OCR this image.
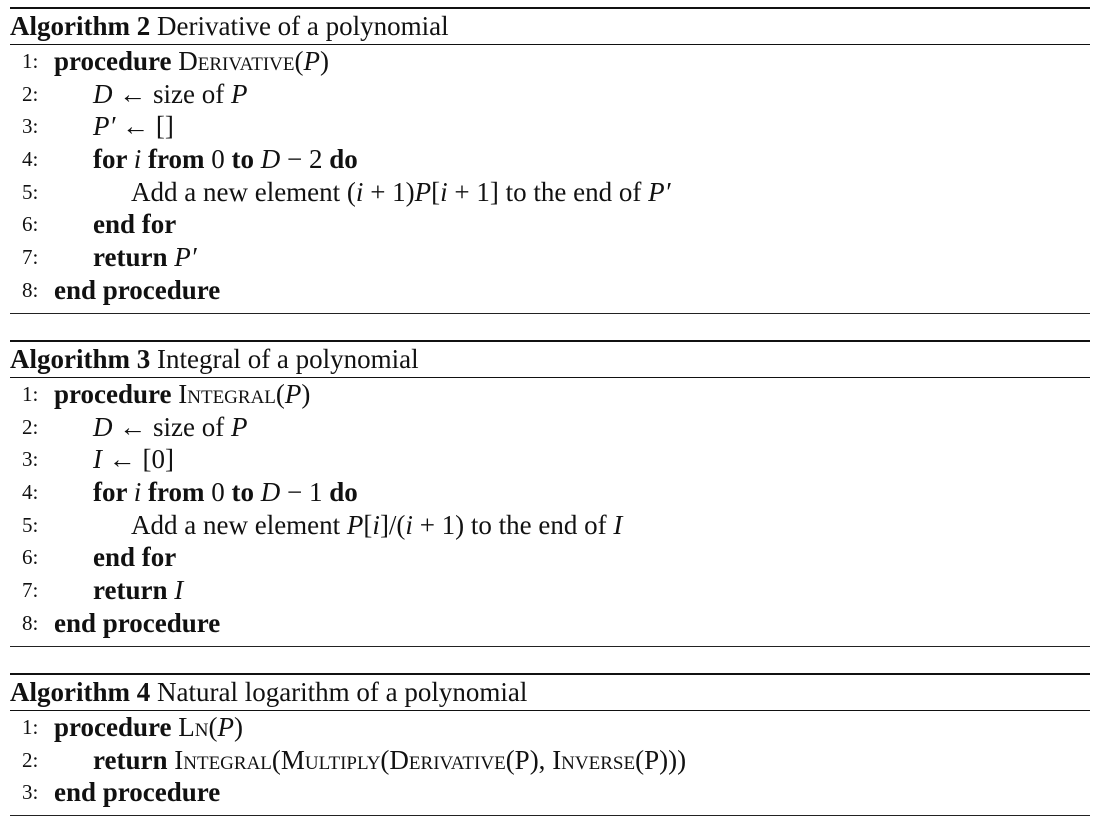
Algorithm 2 Derivative of a polynomial
1: procedure Derivative(P)
2:	D ← size of P
3:	P′ ← []
4:	for i from 0 to D − 2 do
5:	Add a new element (i + 1)P[i + 1] to the end of P′
6:	end for
7:	return P′
8: end procedure
Algorithm 3 Integral of a polynomial
1: procedure Integral(P)
2:	D ← size of P
3:	I ← [0]
4:	for i from 0 to D − 1 do
5:	Add a new element P[i]/(i + 1) to the end of I
6:	end for
7:	return I
8: end procedure
Algorithm 4 Natural logarithm of a polynomial
1: procedure Ln(P)
2:	return Integral(Multiply(Derivative(P), Inverse(P)))
3: end procedure
